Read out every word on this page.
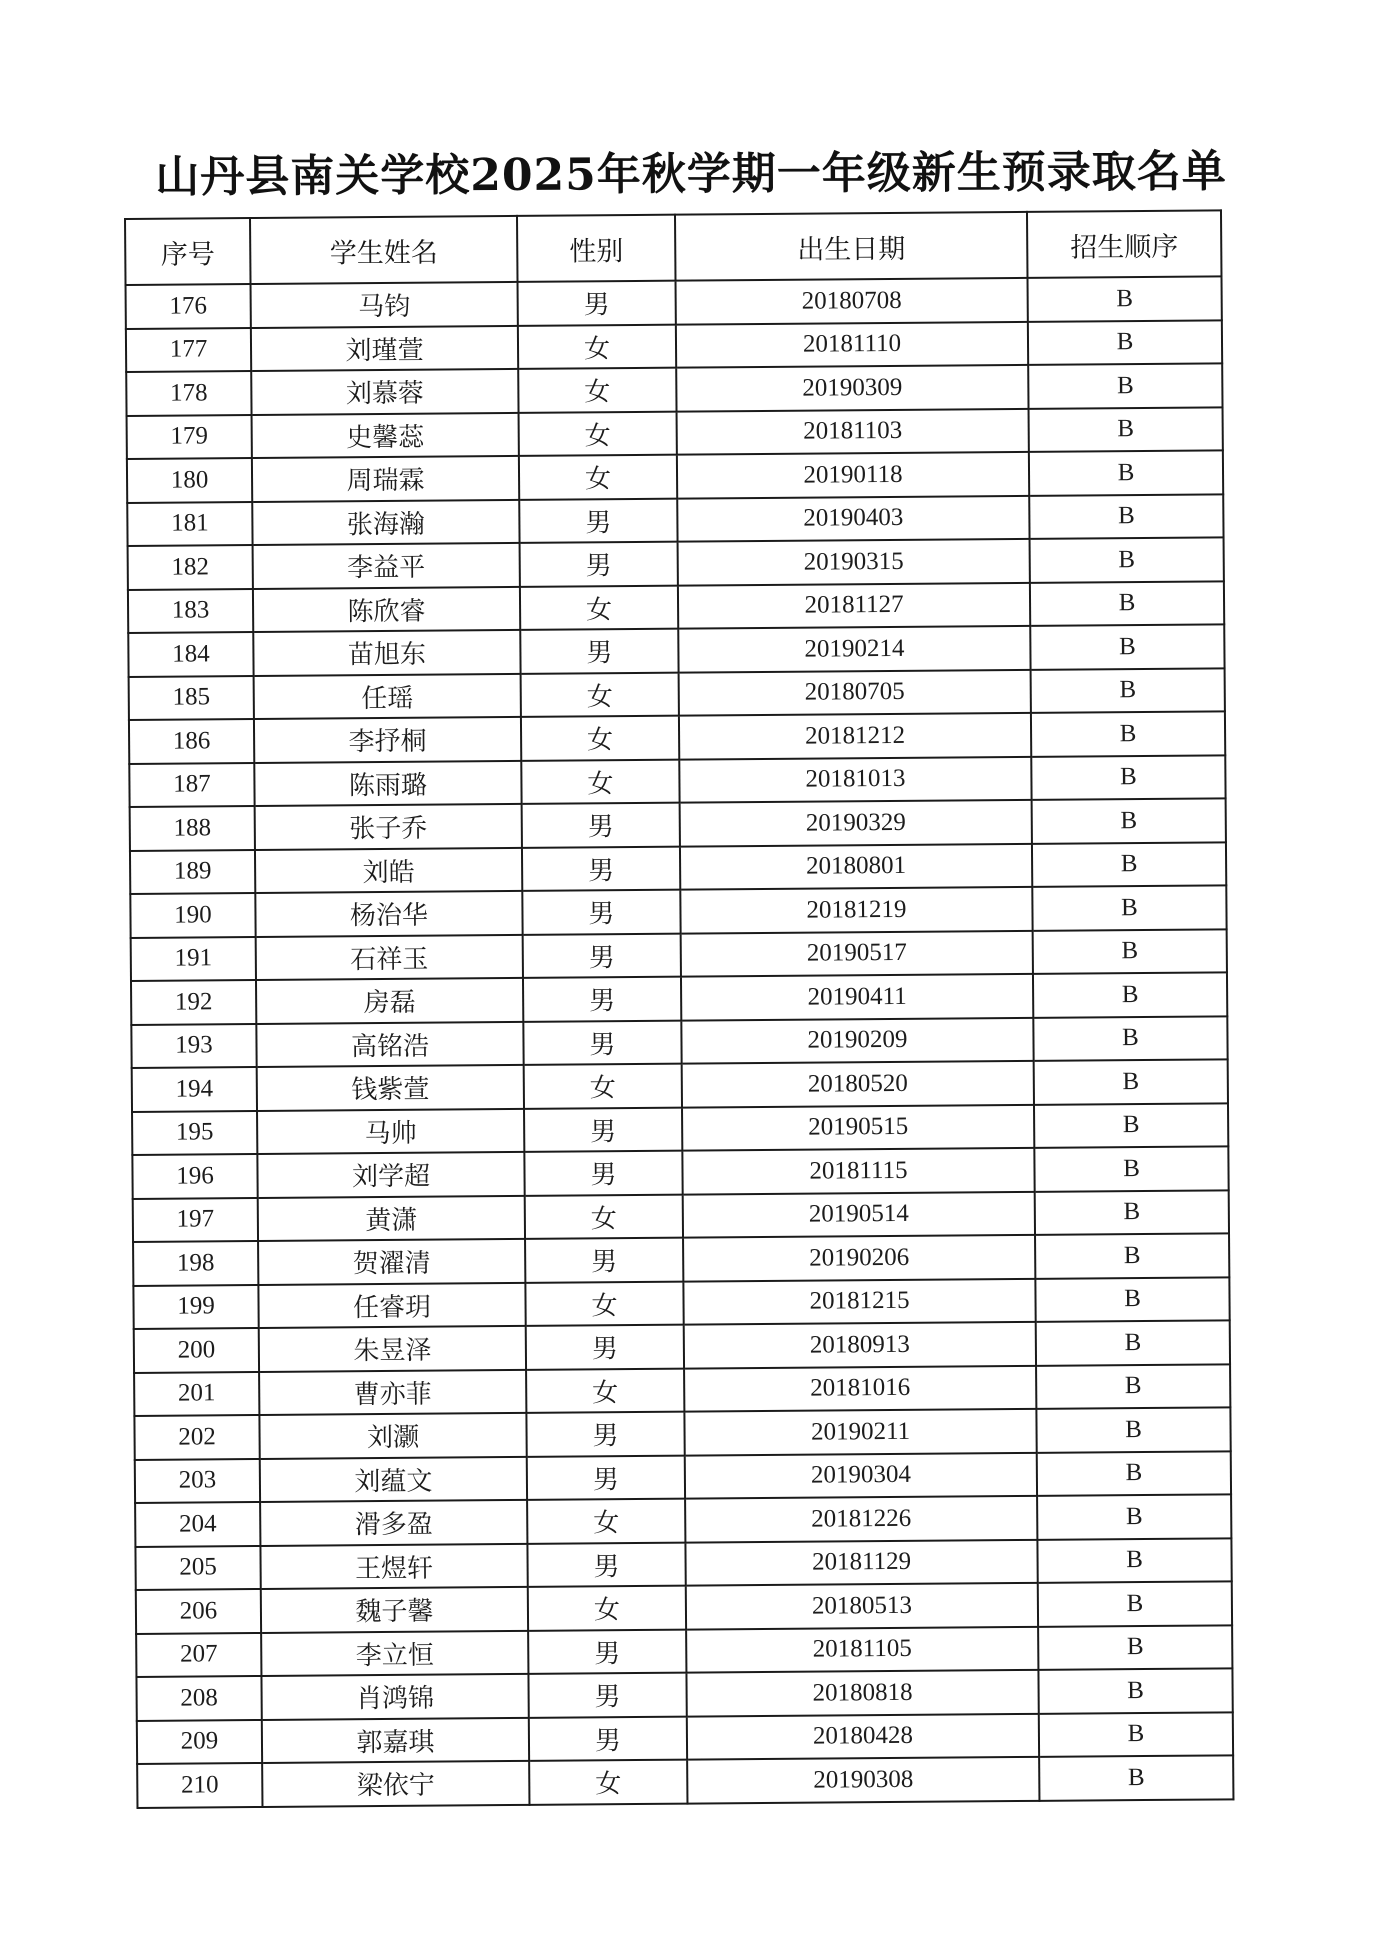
山丹县南关学校2025年秋学期一年级新生预录取名单
序号	学生姓名	性别	出生日期	招生顺序
176	马钧	男	20180708	B
177	刘瑾萱	女	20181110	B
178	刘慕蓉	女	20190309	B
179	史馨蕊	女	20181103	B
180	周瑞霖	女	20190118	B
181	张海瀚	男	20190403	B
182	李益平	男	20190315	B
183	陈欣睿	女	20181127	B
184	苗旭东	男	20190214	B
185	任瑶	女	20180705	B
186	李抒桐	女	20181212	B
187	陈雨璐	女	20181013	B
188	张子乔	男	20190329	B
189	刘皓	男	20180801	B
190	杨治华	男	20181219	B
191	石祥玉	男	20190517	B
192	房磊	男	20190411	B
193	高铭浩	男	20190209	B
194	钱紫萱	女	20180520	B
195	马帅	男	20190515	B
196	刘学超	男	20181115	B
197	黄潇	女	20190514	B
198	贺濯清	男	20190206	B
199	任睿玥	女	20181215	B
200	朱昱泽	男	20180913	B
201	曹亦菲	女	20181016	B
202	刘灏	男	20190211	B
203	刘蕴文	男	20190304	B
204	滑多盈	女	20181226	B
205	王煜轩	男	20181129	B
206	魏子馨	女	20180513	B
207	李立恒	男	20181105	B
208	肖鸿锦	男	20180818	B
209	郭嘉琪	男	20180428	B
210	梁依宁	女	20190308	B
